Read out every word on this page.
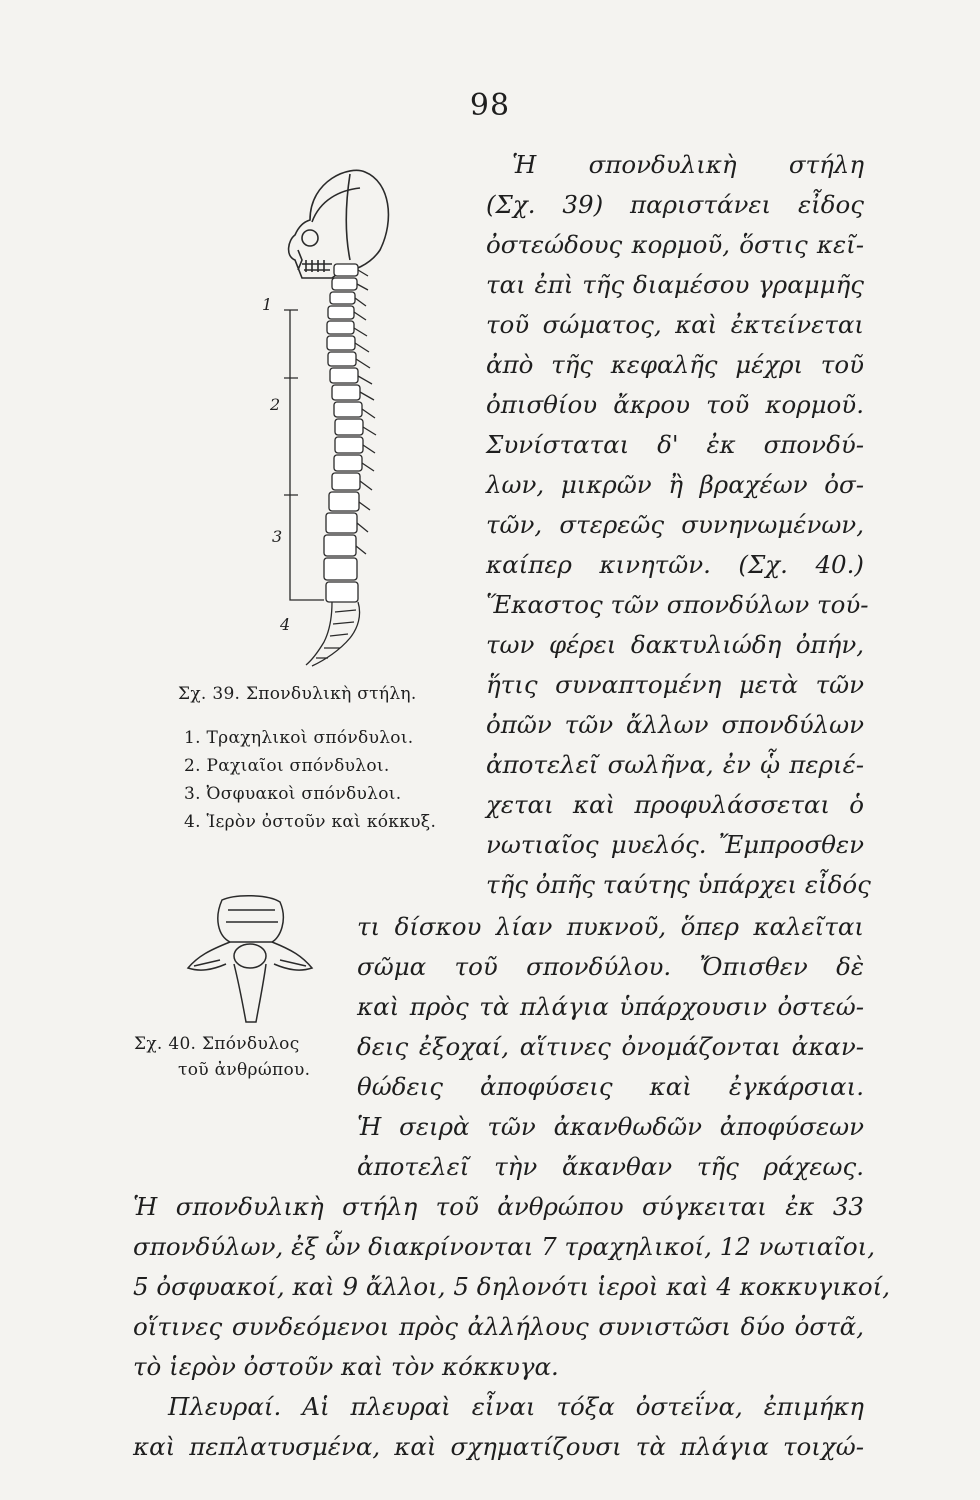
98
1
2
3
4
Σχ. 39. Σπονδυλικὴ στήλη.
1. Τραχηλικοὶ σπόνδυλοι.
2. Ραχιαῖοι σπόνδυλοι.
3. Ὀσφυακοὶ σπόνδυλοι.
4. Ἱερὸν ὀστοῦν καὶ κόκκυξ.
Σχ. 40. Σπόνδυλος
τοῦ ἀνθρώπου.
Ἡ σπονδυλικὴ στήλη
(Σχ. 39) παριστάνει εἶδος
ὀστεώδους κορμοῦ, ὅστις κεῖ-
ται ἐπὶ τῆς διαμέσου γραμμῆς
τοῦ σώματος, καὶ ἐκτείνεται
ἀπὸ τῆς κεφαλῆς μέχρι τοῦ
ὀπισθίου ἄκρου τοῦ κορμοῦ.
Συνίσταται δ' ἐκ σπονδύ-
λων, μικρῶν ἢ βραχέων ὀσ-
τῶν, στερεῶς συνηνωμένων,
καίπερ κινητῶν. (Σχ. 40.)
Ἕκαστος τῶν σπονδύλων τού-
των φέρει δακτυλιώδη ὀπήν,
ἥτις συναπτομένη μετὰ τῶν
ὀπῶν τῶν ἄλλων σπονδύλων
ἀποτελεῖ σωλῆνα, ἐν ᾧ περιέ-
χεται καὶ προφυλάσσεται ὁ
νωτιαῖος μυελός. Ἔμπροσθεν
τῆς ὀπῆς ταύτης ὑπάρχει εἶδός
τι δίσκου λίαν πυκνοῦ, ὅπερ καλεῖται
σῶμα τοῦ σπονδύλου. Ὄπισθεν δὲ
καὶ πρὸς τὰ πλάγια ὑπάρχουσιν ὀστεώ-
δεις ἐξοχαί, αἵτινες ὀνομάζονται ἀκαν-
θώδεις ἀποφύσεις καὶ ἐγκάρσιαι.
Ἡ σειρὰ τῶν ἀκανθωδῶν ἀποφύσεων
ἀποτελεῖ τὴν ἄκανθαν τῆς ράχεως.
Ἡ σπονδυλικὴ στήλη τοῦ ἀνθρώπου σύγκειται ἐκ 33
σπονδύλων, ἐξ ὧν διακρίνονται 7 τραχηλικοί, 12 νωτιαῖοι,
5 ὀσφυακοί, καὶ 9 ἄλλοι, 5 δηλονότι ἱεροὶ καὶ 4 κοκκυγικοί,
οἵτινες συνδεόμενοι πρὸς ἀλλήλους συνιστῶσι δύο ὀστᾶ,
τὸ ἱερὸν ὀστοῦν καὶ τὸν κόκκυγα.
Πλευραί. Αἱ πλευραὶ εἶναι τόξα ὀστεΐνα, ἐπιμήκη
καὶ πεπλατυσμένα, καὶ σχηματίζουσι τὰ πλάγια τοιχώ-
